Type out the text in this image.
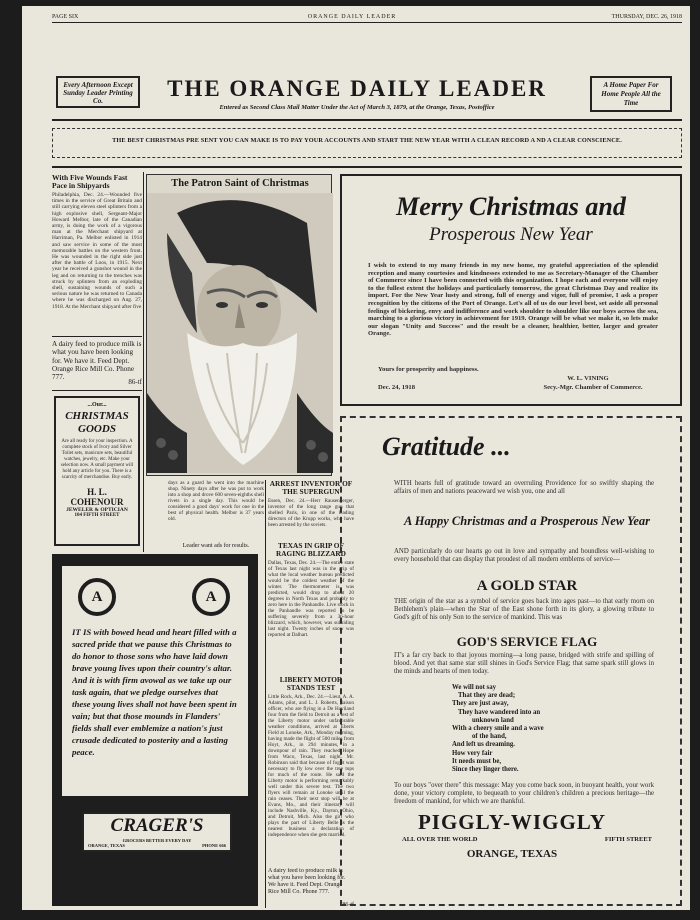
PAGE SIX	ORANGE DAILY LEADER	THURSDAY, DEC. 26, 1918
Every Afternoon Except Sunday Leader Printing Co.	THE ORANGE DAILY LEADER
Entered as Second Class Mail Matter Under the Act of March 3, 1879, at the Orange, Texas, Postoffice
A Home Paper For Home People All the Time
THE BEST CHRISTMAS PRE SENT YOU CAN MAKE IS TO PAY YOUR ACCOUNTS AND START THE NEW YEAR WITH A CLEAN RECORD A ND A CLEAR CONSCIENCE.
With Five Wounds Fast Pace in Shipyards
Philadelphia, Dec. 24.—Wounded five times in the service of Great Britain and still carrying eleven steel splinters from a high explosive shell, Sergeant-Major Howard Melbor, late of the Canadian army, is doing the work of a vigorous man at the Merchant shipyard at Harriman, Pa. Melbor enlisted in 1914 and saw service in some of the most memorable battles on the western front. He was wounded in the right side just after the battle of Loos, in 1915. Next year he received a gunshot wound in the leg and on returning to the trenches was struck by splinters from an exploding shell, sustaining wounds of such a serious nature he was returned to Canada where he was discharged on Aug. 27, 1918. At the Merchant shipyard after five
A dairy feed to produce milk is what you have been looking for. We have it. Feed Dept. Orange Rice Mill Co. Phone 777.
86-tf
...Our...
CHRISTMAS GOODS
Are all ready for your inspection. A complete stock of Ivory and Silver Toilet sets, manicure sets, beautiful watches, jewelry, etc. Make your selection now. A small payment will hold any article for you. There is a scarcity of merchandise. Buy early.
H. L. COHENOUR
JEWELER & OPTICIAN
104 FIFTH STREET
A	A
IT IS with bowed head and heart filled with a sacred pride that we pause this Christmas to do honor to those sons who have laid down brave young lives upon their country's altar. And it is with firm avowal as we take up our task again, that we pledge ourselves that these young lives shall not have been spent in vain; but that those mounds in Flanders' fields shall ever emblemize a nation's just crusade dedicated to posterity and a lasting peace.
CRAGER'S
GROCERS BETTER EVERY DAY
ORANGE, TEXAS	PHONE 666
The Patron Saint of Christmas
days as a guard he went into the machine shop. Ninety days after he was put to work into a shop and drove 600 seven-eighths shell rivets in a single day. This would be considered a good days' work for one in the best of physical health. Melbor is 37 years old.
Leader want ads for results.
ARREST INVENTOR OF THE SUPERGUN
Essen, Dec. 24.—Herr Rausenberger, inventor of the long range gun that shelled Paris, in one of the leading directors of the Krupp works, who have been arrested by the soviets.
TEXAS IN GRIP OF RAGING BLIZZARD
Dallas, Texas, Dec. 24.—The entire state of Texas last night was in the grip of what the local weather bureau predicted would be the coldest weather of the winter. The thermometer is was predicted, would drop to about 20 degrees in North Texas and probably to zero here in the Panhandle. Live stock in the Panhandle was reported to be suffering severely from a 36-hour blizzard, which, however, was subsiding last night. Twenty inches of snow was reported at Dalhart.
LIBERTY MOTOR STANDS TEST
Little Rock, Ark., Dec. 24.—Lieut. A. A. Adams, pilot, and L. J. Roberts, liaison officer, who are flying in a De Haviland four from the field to Detroit as a test of the Liberty motor under unfavorable weather conditions, arrived at Eberts Field at Lonoke, Ark., Monday morning, having made the flight of 500 miles from Hoyt, Ark., in 294 minutes, in a downpour of rain. They reached Hope from Waco, Texas, last night. Mr. Robinson said that because of fog it was necessary to fly low over the tree tops for much of the route. He said the Liberty motor is performing remarkably well under this severe test. The two flyers will remain at Lonoke until the rain ceases. Their next stop will be at Evans, Mo., and their itinerary will include Nashville, Ky., Dayton, Ohio, and Detroit, Mich. Also the girl who plays the part of Liberty Belle is the nearest business a declaration of independence when she gets married.
A dairy feed to produce milk is what you have been looking for. We have it. Feed Dept. Orange Rice Mill Co. Phone 777.
86-tf
Merry Christmas and
Prosperous New Year
I wish to extend to my many friends in my new home, my grateful appreciation of the splendid reception and many courtesies and kindnesses extended to me as Secretary-Manager of the Chamber of Commerce since I have been connected with this organization. I hope each and everyone will enjoy to the fullest extent the holidays and particularly tomorrow, the great Christmas Day and realize its import. For the New Year lusty and strong, full of energy and vigor, full of promise, I ask a proper recognition by the citizens of the Port of Orange. Let's all of us do our level best, set aside all personal feelings of bickering, envy and indifference and work shoulder to shoulder like our boys across the sea, marching to a glorious victory in achievement for 1919. Orange will be what we make it, so lets make our slogan "Unity and Success" and the result be a cleaner, healthier, better, larger and greater Orange.
Yours for prosperity and happiness.
W. L. VINING
Dec. 24, 1918	Secy.-Mgr. Chamber of Commerce.
Gratitude ...
WITH hearts full of gratitude toward an overruling Providence for so swiftly shaping the affairs of men and nations peaceward we wish you, one and all
A Happy Christmas and a Prosperous New Year
AND particularly do our hearts go out in love and sympathy and boundless well-wishing to every household that can display that proudest of all modern emblems of service—
A GOLD STAR
THE origin of the star as a symbol of service goes back into ages past—to that early morn on Bethlehem's plain—when the Star of the East shone forth in its glory, a glowing tribute to God's gift of his only Son to the service of mankind. This was
GOD'S SERVICE FLAG
IT's a far cry back to that joyous morning—a long pause, bridged with strife and spilling of blood. And yet that same star still shines in God's Service Flag; that same spark still glows in the minds and hearts of men today.
We will not say
That they are dead;
They are just away,
They have wandered into an
unknown land
With a cheery smile and a wave
of the hand,
And left us dreaming.
How very fair
It needs must be,
Since they linger there.
To our boys "over there" this message: May you come back soon, in buoyant health, your work done, your victory complete, to bequeath to your children's children a precious heritage—the freedom of mankind, for which we are thankful.
PIGGLY-WIGGLY
ALL OVER THE WORLD	FIFTH STREET
ORANGE, TEXAS
